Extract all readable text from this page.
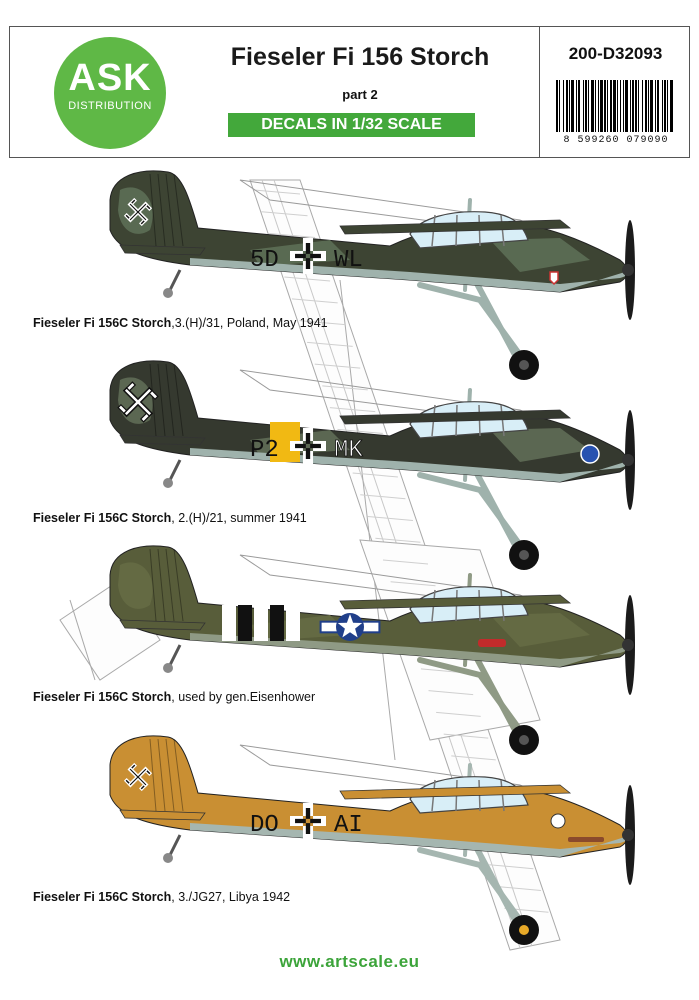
ASK
DISTRIBUTION
Fieseler Fi 156 Storch
part 2
DECALS IN 1/32 SCALE
200-D32093
8 599260 079090
5D WL
Fieseler Fi 156C Storch,3.(H)/31, Poland, May 1941
P2 MK
Fieseler Fi 156C Storch, 2.(H)/21, summer 1941
Fieseler Fi 156C Storch, used by gen.Eisenhower
DO AI
Fieseler Fi 156C Storch, 3./JG27, Libya 1942
www.artscale.eu
